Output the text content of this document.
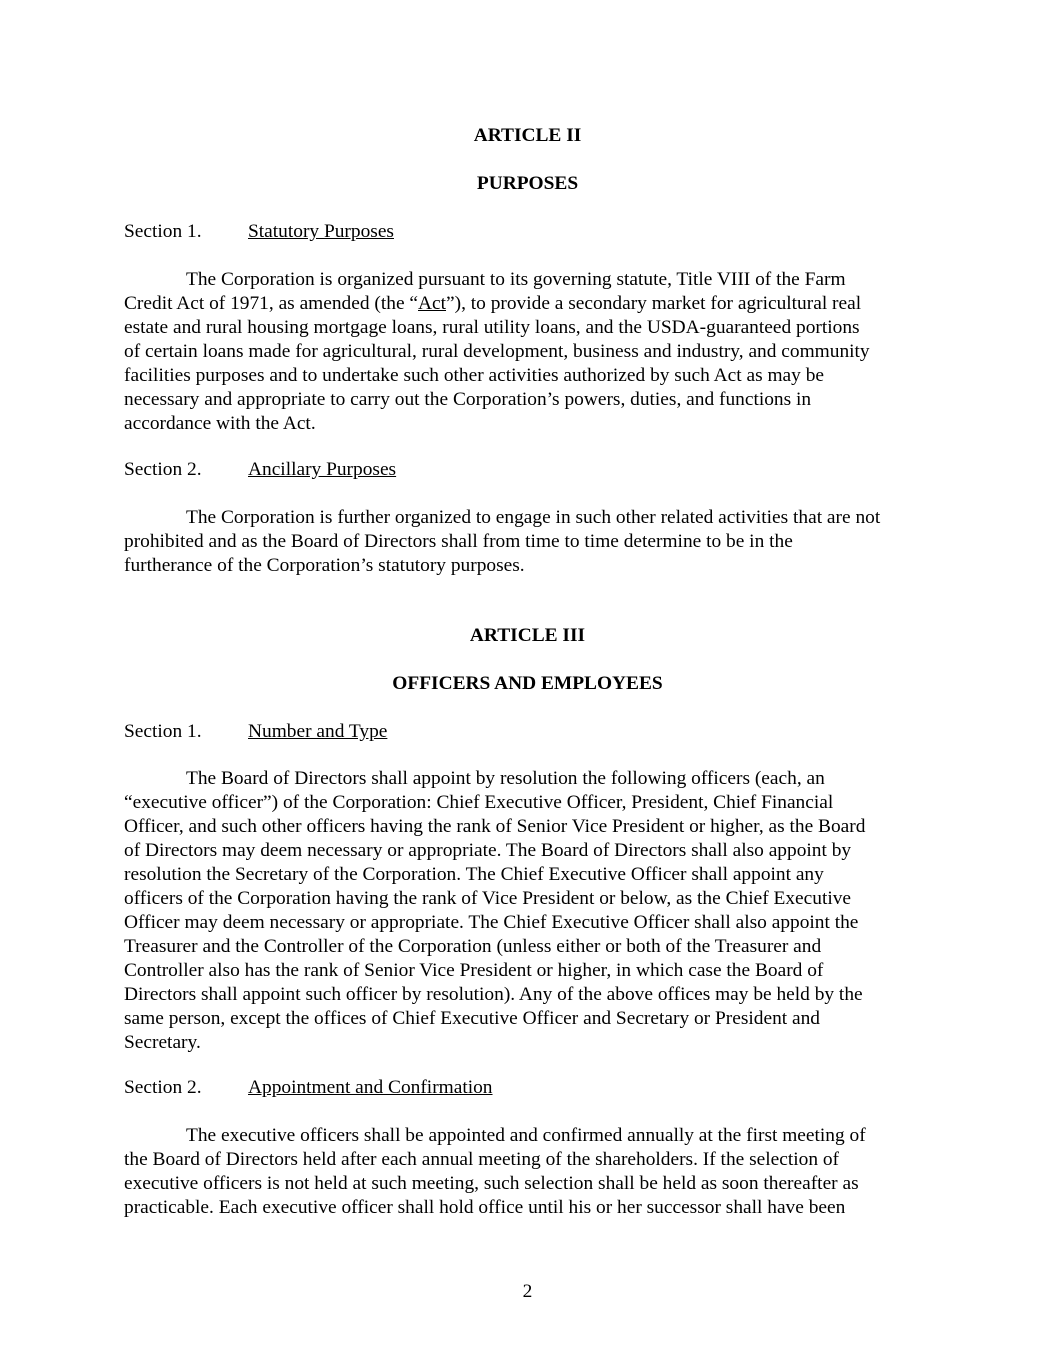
ARTICLE II
PURPOSES
Section 1. Statutory Purposes
The Corporation is organized pursuant to its governing statute, Title VIII of the Farm
Credit Act of 1971, as amended (the “Act”), to provide a secondary market for agricultural real
estate and rural housing mortgage loans, rural utility loans, and the USDA-guaranteed portions
of certain loans made for agricultural, rural development, business and industry, and community
facilities purposes and to undertake such other activities authorized by such Act as may be
necessary and appropriate to carry out the Corporation’s powers, duties, and functions in
accordance with the Act.
Section 2. Ancillary Purposes
The Corporation is further organized to engage in such other related activities that are not
prohibited and as the Board of Directors shall from time to time determine to be in the
furtherance of the Corporation’s statutory purposes.
ARTICLE III
OFFICERS AND EMPLOYEES
Section 1. Number and Type
The Board of Directors shall appoint by resolution the following officers (each, an
“executive officer”) of the Corporation: Chief Executive Officer, President, Chief Financial
Officer, and such other officers having the rank of Senior Vice President or higher, as the Board
of Directors may deem necessary or appropriate. The Board of Directors shall also appoint by
resolution the Secretary of the Corporation. The Chief Executive Officer shall appoint any
officers of the Corporation having the rank of Vice President or below, as the Chief Executive
Officer may deem necessary or appropriate. The Chief Executive Officer shall also appoint the
Treasurer and the Controller of the Corporation (unless either or both of the Treasurer and
Controller also has the rank of Senior Vice President or higher, in which case the Board of
Directors shall appoint such officer by resolution). Any of the above offices may be held by the
same person, except the offices of Chief Executive Officer and Secretary or President and
Secretary.
Section 2. Appointment and Confirmation
The executive officers shall be appointed and confirmed annually at the first meeting of
the Board of Directors held after each annual meeting of the shareholders. If the selection of
executive officers is not held at such meeting, such selection shall be held as soon thereafter as
practicable. Each executive officer shall hold office until his or her successor shall have been
2
